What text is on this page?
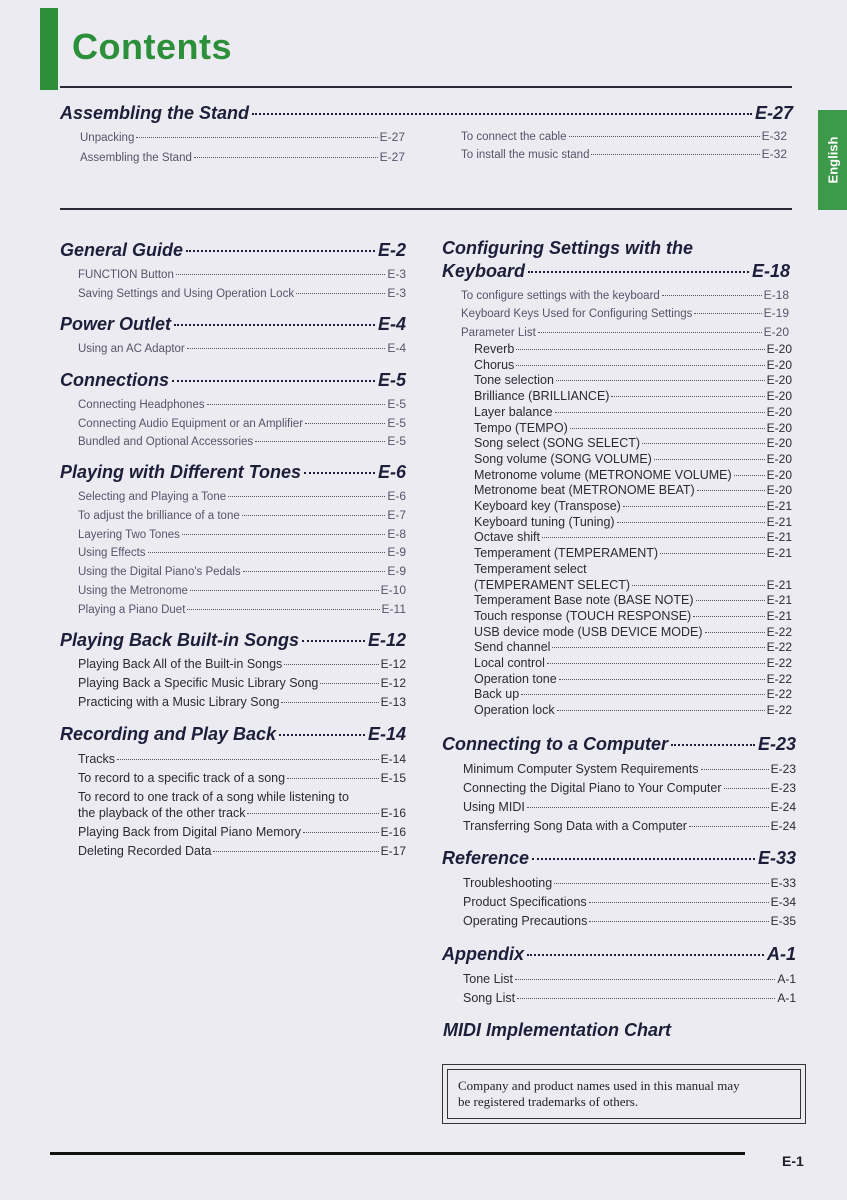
Contents
English
Assembling the Stand	E-27
Unpacking	E-27
Assembling the Stand	E-27
To connect the cable	E-32
To install the music stand	E-32
General Guide	E-2
FUNCTION Button	E-3
Saving Settings and Using Operation Lock	E-3
Power Outlet	E-4
Using an AC Adaptor	E-4
Connections	E-5
Connecting Headphones	E-5
Connecting Audio Equipment or an Amplifier	E-5
Bundled and Optional Accessories	E-5
Playing with Different Tones	E-6
Selecting and Playing a Tone	E-6
To adjust the brilliance of a tone	E-7
Layering Two Tones	E-8
Using Effects	E-9
Using the Digital Piano's Pedals	E-9
Using the Metronome	E-10
Playing a Piano Duet	E-11
Playing Back Built-in Songs	E-12
Playing Back All of the Built-in Songs	E-12
Playing Back a Specific Music Library Song	E-12
Practicing with a Music Library Song	E-13
Recording and Play Back	E-14
Tracks	E-14
To record to a specific track of a song	E-15
To record to one track of a song while listening to
the playback of the other track	E-16
Playing Back from Digital Piano Memory	E-16
Deleting Recorded Data	E-17
Configuring Settings with the
Keyboard	E-18
To configure settings with the keyboard	E-18
Keyboard Keys Used for Configuring Settings	E-19
Parameter List	E-20
Reverb	E-20
Chorus	E-20
Tone selection	E-20
Brilliance (BRILLIANCE)	E-20
Layer balance	E-20
Tempo (TEMPO)	E-20
Song select (SONG SELECT)	E-20
Song volume (SONG VOLUME)	E-20
Metronome volume (METRONOME VOLUME)	E-20
Metronome beat (METRONOME BEAT)	E-20
Keyboard key (Transpose)	E-21
Keyboard tuning (Tuning)	E-21
Octave shift	E-21
Temperament (TEMPERAMENT)	E-21
Temperament select
(TEMPERAMENT SELECT)	E-21
Temperament Base note (BASE NOTE)	E-21
Touch response (TOUCH RESPONSE)	E-21
USB device mode (USB DEVICE MODE)	E-22
Send channel	E-22
Local control	E-22
Operation tone	E-22
Back up	E-22
Operation lock	E-22
Connecting to a Computer	E-23
Minimum Computer System Requirements	E-23
Connecting the Digital Piano to Your Computer	E-23
Using MIDI	E-24
Transferring Song Data with a Computer	E-24
Reference	E-33
Troubleshooting	E-33
Product Specifications	E-34
Operating Precautions	E-35
Appendix	A-1
Tone List	A-1
Song List	A-1
MIDI Implementation Chart
Company and product names used in this manual may
be registered trademarks of others.
E-1
